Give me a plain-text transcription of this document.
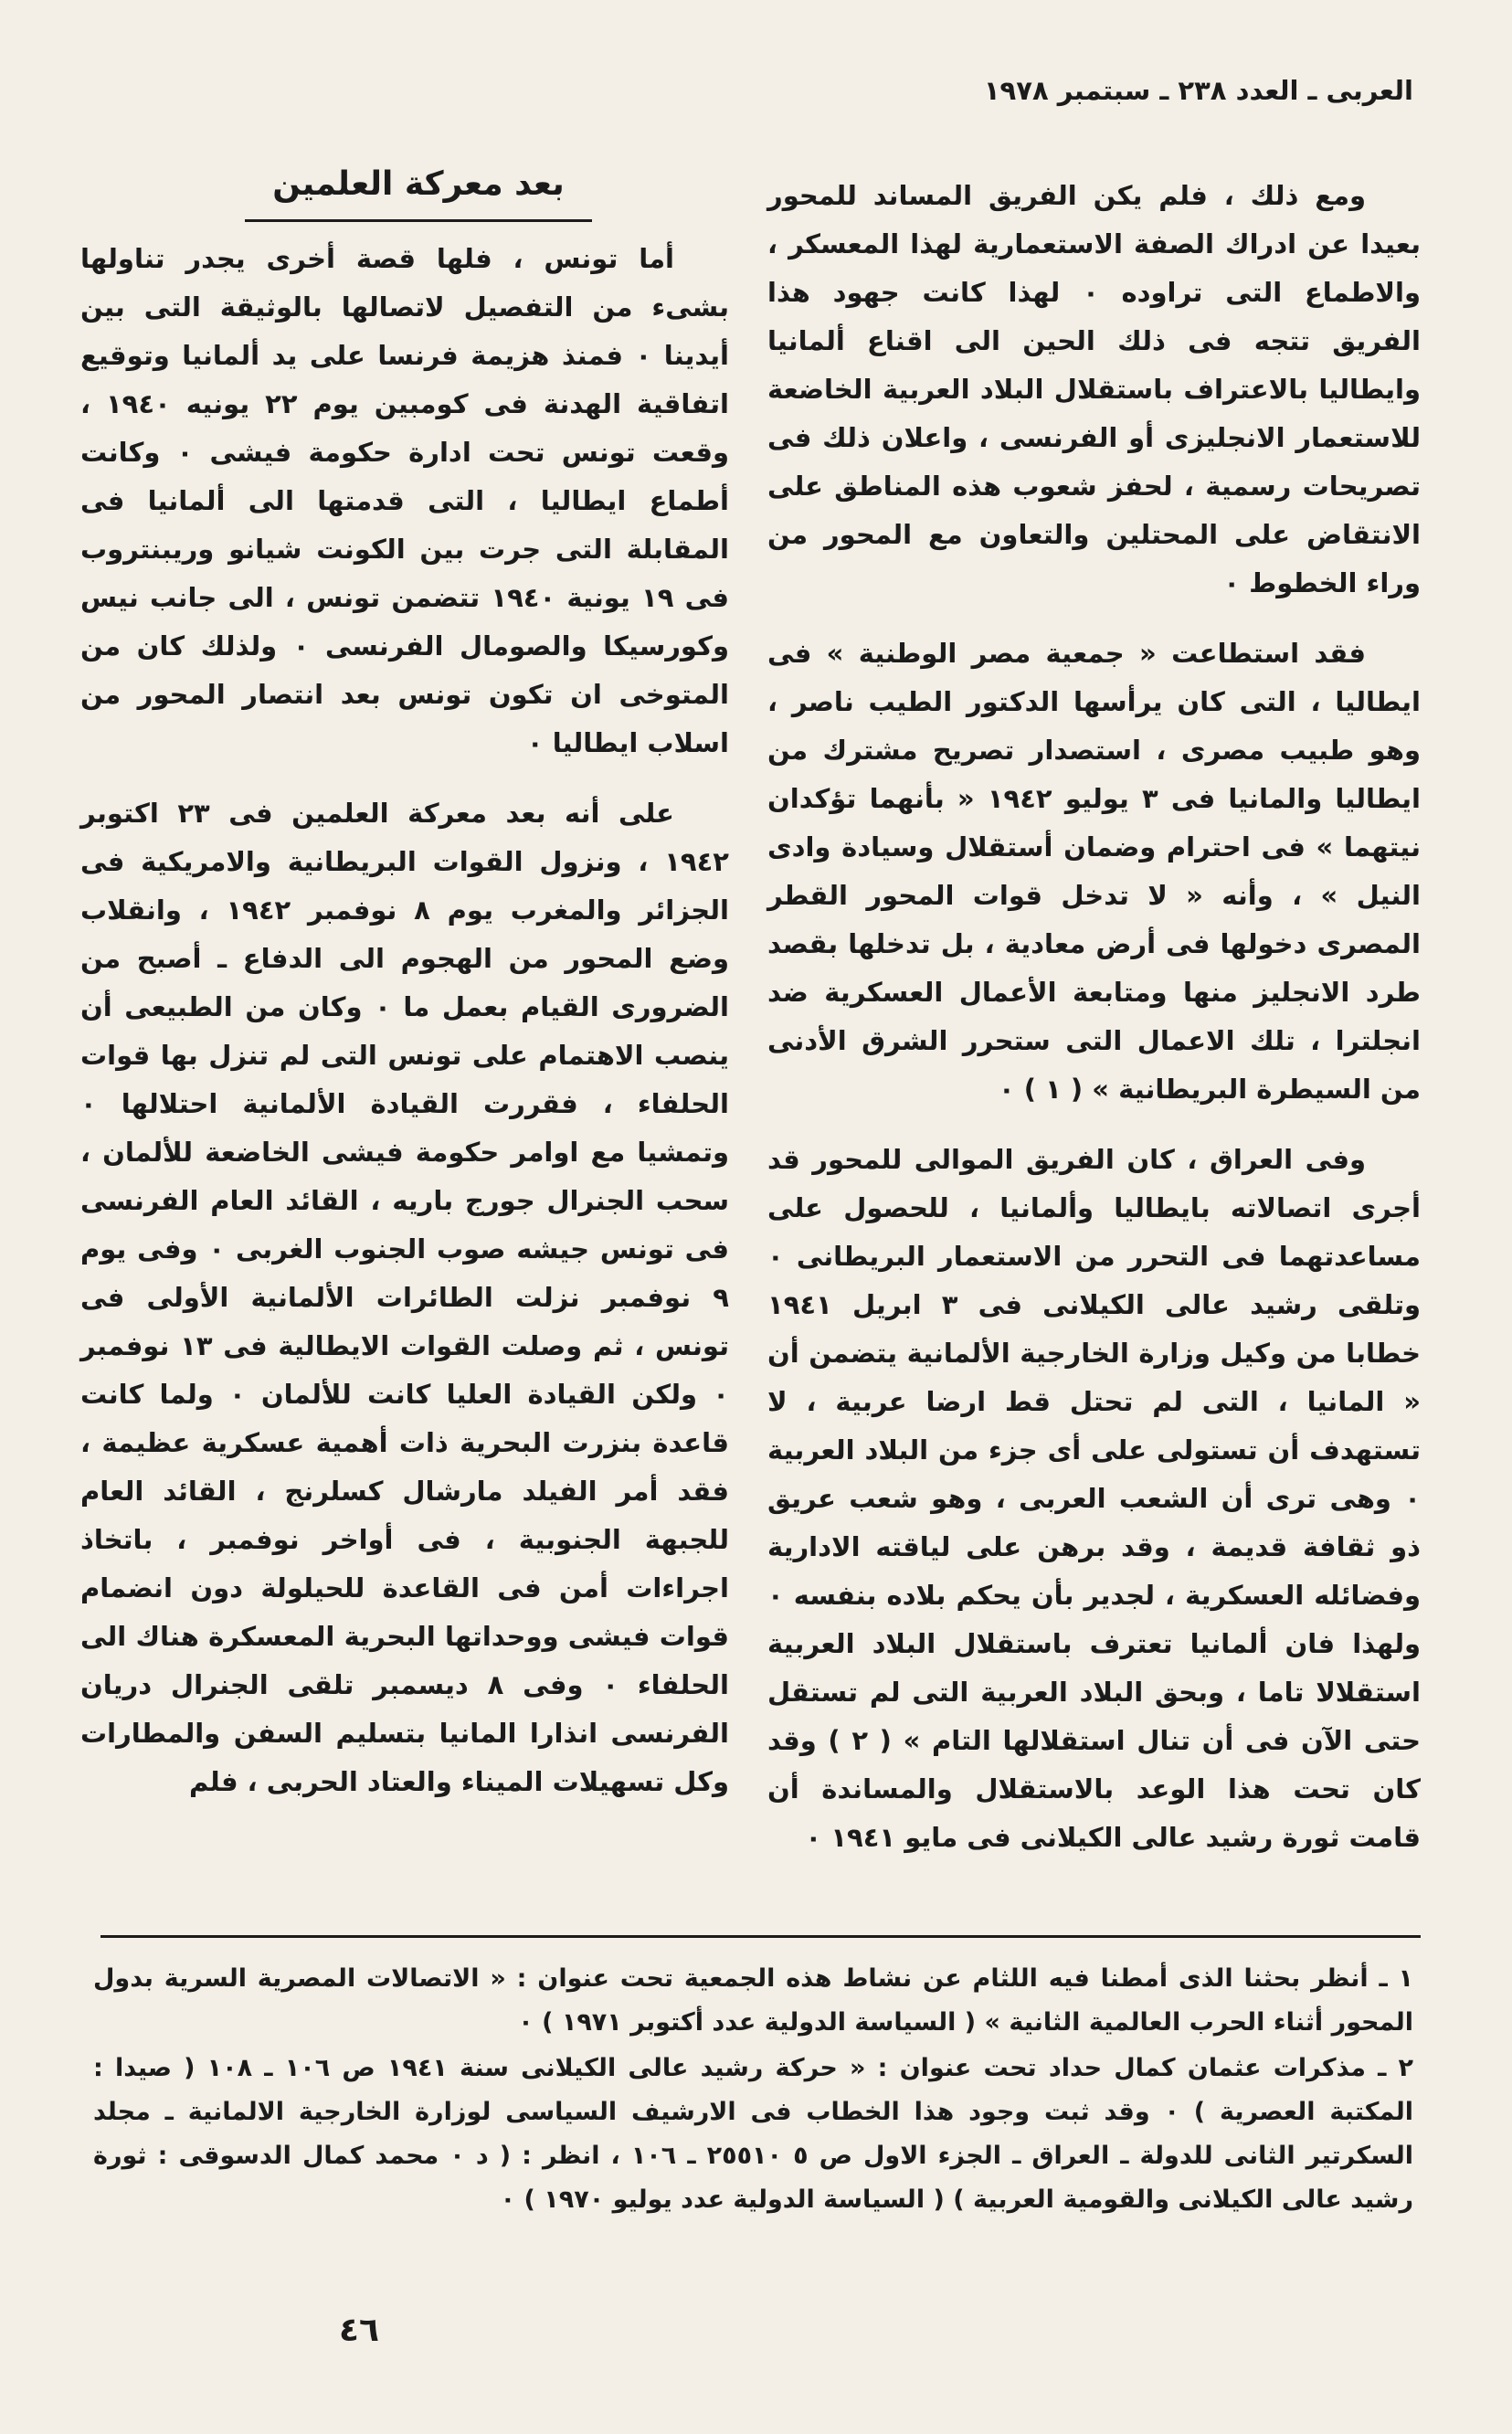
العربى ـ العدد ٢٣٨ ـ سبتمبر ١٩٧٨

ومع ذلك ، فلم يكن الفريق المساند للمحور بعيدا عن ادراك الصفة الاستعمارية لهذا المعسكر ، والاطماع التى تراوده ٠ لهذا كانت جهود هذا الفريق تتجه فى ذلك الحين الى اقناع ألمانيا وايطاليا بالاعتراف باستقلال البلاد العربية الخاضعة للاستعمار الانجليزى أو الفرنسى ، واعلان ذلك فى تصريحات رسمية ، لحفز شعوب هذه المناطق على الانتقاض على المحتلين والتعاون مع المحور من وراء الخطوط ٠

فقد استطاعت « جمعية مصر الوطنية » فى ايطاليا ، التى كان يرأسها الدكتور الطيب ناصر ، وهو طبيب مصرى ، استصدار تصريح مشترك من ايطاليا والمانيا فى ٣ يوليو ١٩٤٢ « بأنهما تؤكدان نيتهما » فى احترام وضمان أستقلال وسيادة وادى النيل » ، وأنه « لا تدخل قوات المحور القطر المصرى دخولها فى أرض معادية ، بل تدخلها بقصد طرد الانجليز منها ومتابعة الأعمال العسكرية ضد انجلترا ، تلك الاعمال التى ستحرر الشرق الأدنى من السيطرة البريطانية » ( ١ ) ٠

وفى العراق ، كان الفريق الموالى للمحور قد أجرى اتصالاته بايطاليا وألمانيا ، للحصول على مساعدتهما فى التحرر من الاستعمار البريطانى ٠ وتلقى رشيد عالى الكيلانى فى ٣ ابريل ١٩٤١ خطابا من وكيل وزارة الخارجية الألمانية يتضمن أن « المانيا ، التى لم تحتل قط ارضا عربية ، لا تستهدف أن تستولى على أى جزء من البلاد العربية ٠ وهى ترى أن الشعب العربى ، وهو شعب عريق ذو ثقافة قديمة ، وقد برهن على لياقته الادارية وفضائله العسكرية ، لجدير بأن يحكم بلاده بنفسه ٠ ولهذا فان ألمانيا تعترف باستقلال البلاد العربية استقلالا تاما ، وبحق البلاد العربية التى لم تستقل حتى الآن فى أن تنال استقلالها التام » ( ٢ ) وقد كان تحت هذا الوعد بالاستقلال والمساندة أن قامت ثورة رشيد عالى الكيلانى فى مايو ١٩٤١ ٠

بعد معركة العلمين

أما تونس ، فلها قصة أخرى يجدر تناولها بشىء من التفصيل لاتصالها بالوثيقة التى بين أيدينا ٠ فمنذ هزيمة فرنسا على يد ألمانيا وتوقيع اتفاقية الهدنة فى كومبين يوم ٢٢ يونيه ١٩٤٠ ، وقعت تونس تحت ادارة حكومة فيشى ٠ وكانت أطماع ايطاليا ، التى قدمتها الى ألمانيا فى المقابلة التى جرت بين الكونت شيانو وريبنتروب فى ١٩ يونية ١٩٤٠ تتضمن تونس ، الى جانب نيس وكورسيكا والصومال الفرنسى ٠ ولذلك كان من المتوخى ان تكون تونس بعد انتصار المحور من اسلاب ايطاليا ٠

على أنه بعد معركة العلمين فى ٢٣ اكتوبر ١٩٤٢ ، ونزول القوات البريطانية والامريكية فى الجزائر والمغرب يوم ٨ نوفمبر ١٩٤٢ ، وانقلاب وضع المحور من الهجوم الى الدفاع ـ أصبح من الضرورى القيام بعمل ما ٠ وكان من الطبيعى أن ينصب الاهتمام على تونس التى لم تنزل بها قوات الحلفاء ، فقررت القيادة الألمانية احتلالها ٠ وتمشيا مع اوامر حكومة فيشى الخاضعة للألمان ، سحب الجنرال جورج باريه ، القائد العام الفرنسى فى تونس جيشه صوب الجنوب الغربى ٠ وفى يوم ٩ نوفمبر نزلت الطائرات الألمانية الأولى فى تونس ، ثم وصلت القوات الايطالية فى ١٣ نوفمبر ٠ ولكن القيادة العليا كانت للألمان ٠ ولما كانت قاعدة بنزرت البحرية ذات أهمية عسكرية عظيمة ، فقد أمر الفيلد مارشال كسلرنج ، القائد العام للجبهة الجنوبية ، فى أواخر نوفمبر ، باتخاذ اجراءات أمن فى القاعدة للحيلولة دون انضمام قوات فيشى ووحداتها البحرية المعسكرة هناك الى الحلفاء ٠ وفى ٨ ديسمبر تلقى الجنرال دريان الفرنسى انذارا المانيا بتسليم السفن والمطارات وكل تسهيلات الميناء والعتاد الحربى ، فلم

١ ـ أنظر بحثنا الذى أمطنا فيه اللثام عن نشاط هذه الجمعية تحت عنوان : « الاتصالات المصرية السرية بدول المحور أثناء الحرب العالمية الثانية » ( السياسة الدولية عدد أكتوبر ١٩٧١ ) ٠

٢ ـ مذكرات عثمان كمال حداد تحت عنوان : « حركة رشيد عالى الكيلانى سنة ١٩٤١ ص ١٠٦ ـ ١٠٨ ( صيدا : المكتبة العصرية ) ٠ وقد ثبت وجود هذا الخطاب فى الارشيف السياسى لوزارة الخارجية الالمانية ـ مجلد السكرتير الثانى للدولة ـ العراق ـ الجزء الاول ص ٥ ٢٥٥١٠ ـ ١٠٦ ، انظر : ( د ٠ محمد كمال الدسوقى : ثورة رشيد عالى الكيلانى والقومية العربية ) ( السياسة الدولية عدد يوليو ١٩٧٠ ) ٠

٤٦
